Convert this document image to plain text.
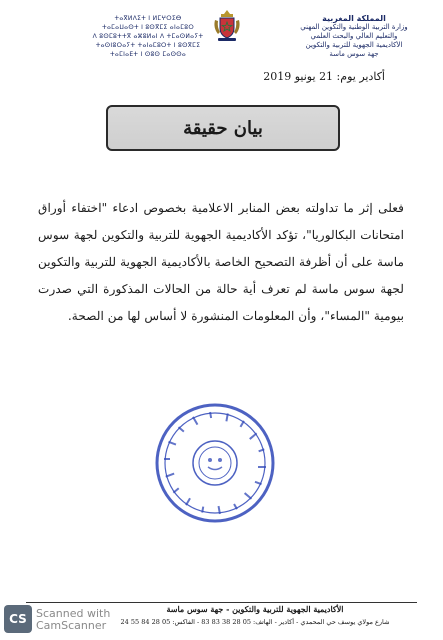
المملكة المغربية
وزارة التربية الوطنية والتكوين المهني
والتعليم العالي والبحث العلمي
الأكاديمية الجهوية للتربية والتكوين
جهة سوس ماسة
ⵜⴰⴳⵍⴷⵉⵜ ⵏ ⵍⵎⵖⵔⵉⴱ
ⵜⴰⵎⴰⵡⴰⵙⵜ ⵏ ⵓⵙⴳⵎⵉ ⴰⵏⴰⵎⵓⵔ
ⴷ ⵓⵙⵎⵓⵜⵜⴳ ⴰⵣⵓⵍⴰⵏ ⴷ ⵜⵎⴰⵙⵍⴰⵢⵜ
ⵜⴰⵙⵏⵓⵔⴰⵢⵜ ⵜⴰⵏⴰⵎⵓⵔⵜ ⵏ ⵓⵙⴳⵎⵉ
ⵜⴰⵎⵏⴰⴹⵜ ⵏ ⵙⵓⵙ ⵎⴰⵙⵙⴰ
أكادير يوم: 21 يونيو 2019
بيان حقيقة
فعلى إثر ما تداولته بعض المنابر الاعلامية بخصوص ادعاء "اختفاء أوراق امتحانات البكالوريا"، تؤكد الأكاديمية الجهوية للتربية والتكوين لجهة سوس ماسة على أن أظرفة التصحيح الخاصة بالأكاديمية الجهوية للتربية والتكوين لجهة سوس ماسة لم تعرف أية حالة من الحالات المذكورة التي صدرت بيومية "المساء"، وأن المعلومات المنشورة لا أساس لها من الصحة.
الأكاديمية الجهوية للتربية والتكوين - جهة سوس ماسة
شارع مولاي يوسف حي المحمدي - أكادير - الهاتف: 05 28 38 83 83 - الفاكس: 05 28 84 55 24
CS Scanned with
CamScanner
